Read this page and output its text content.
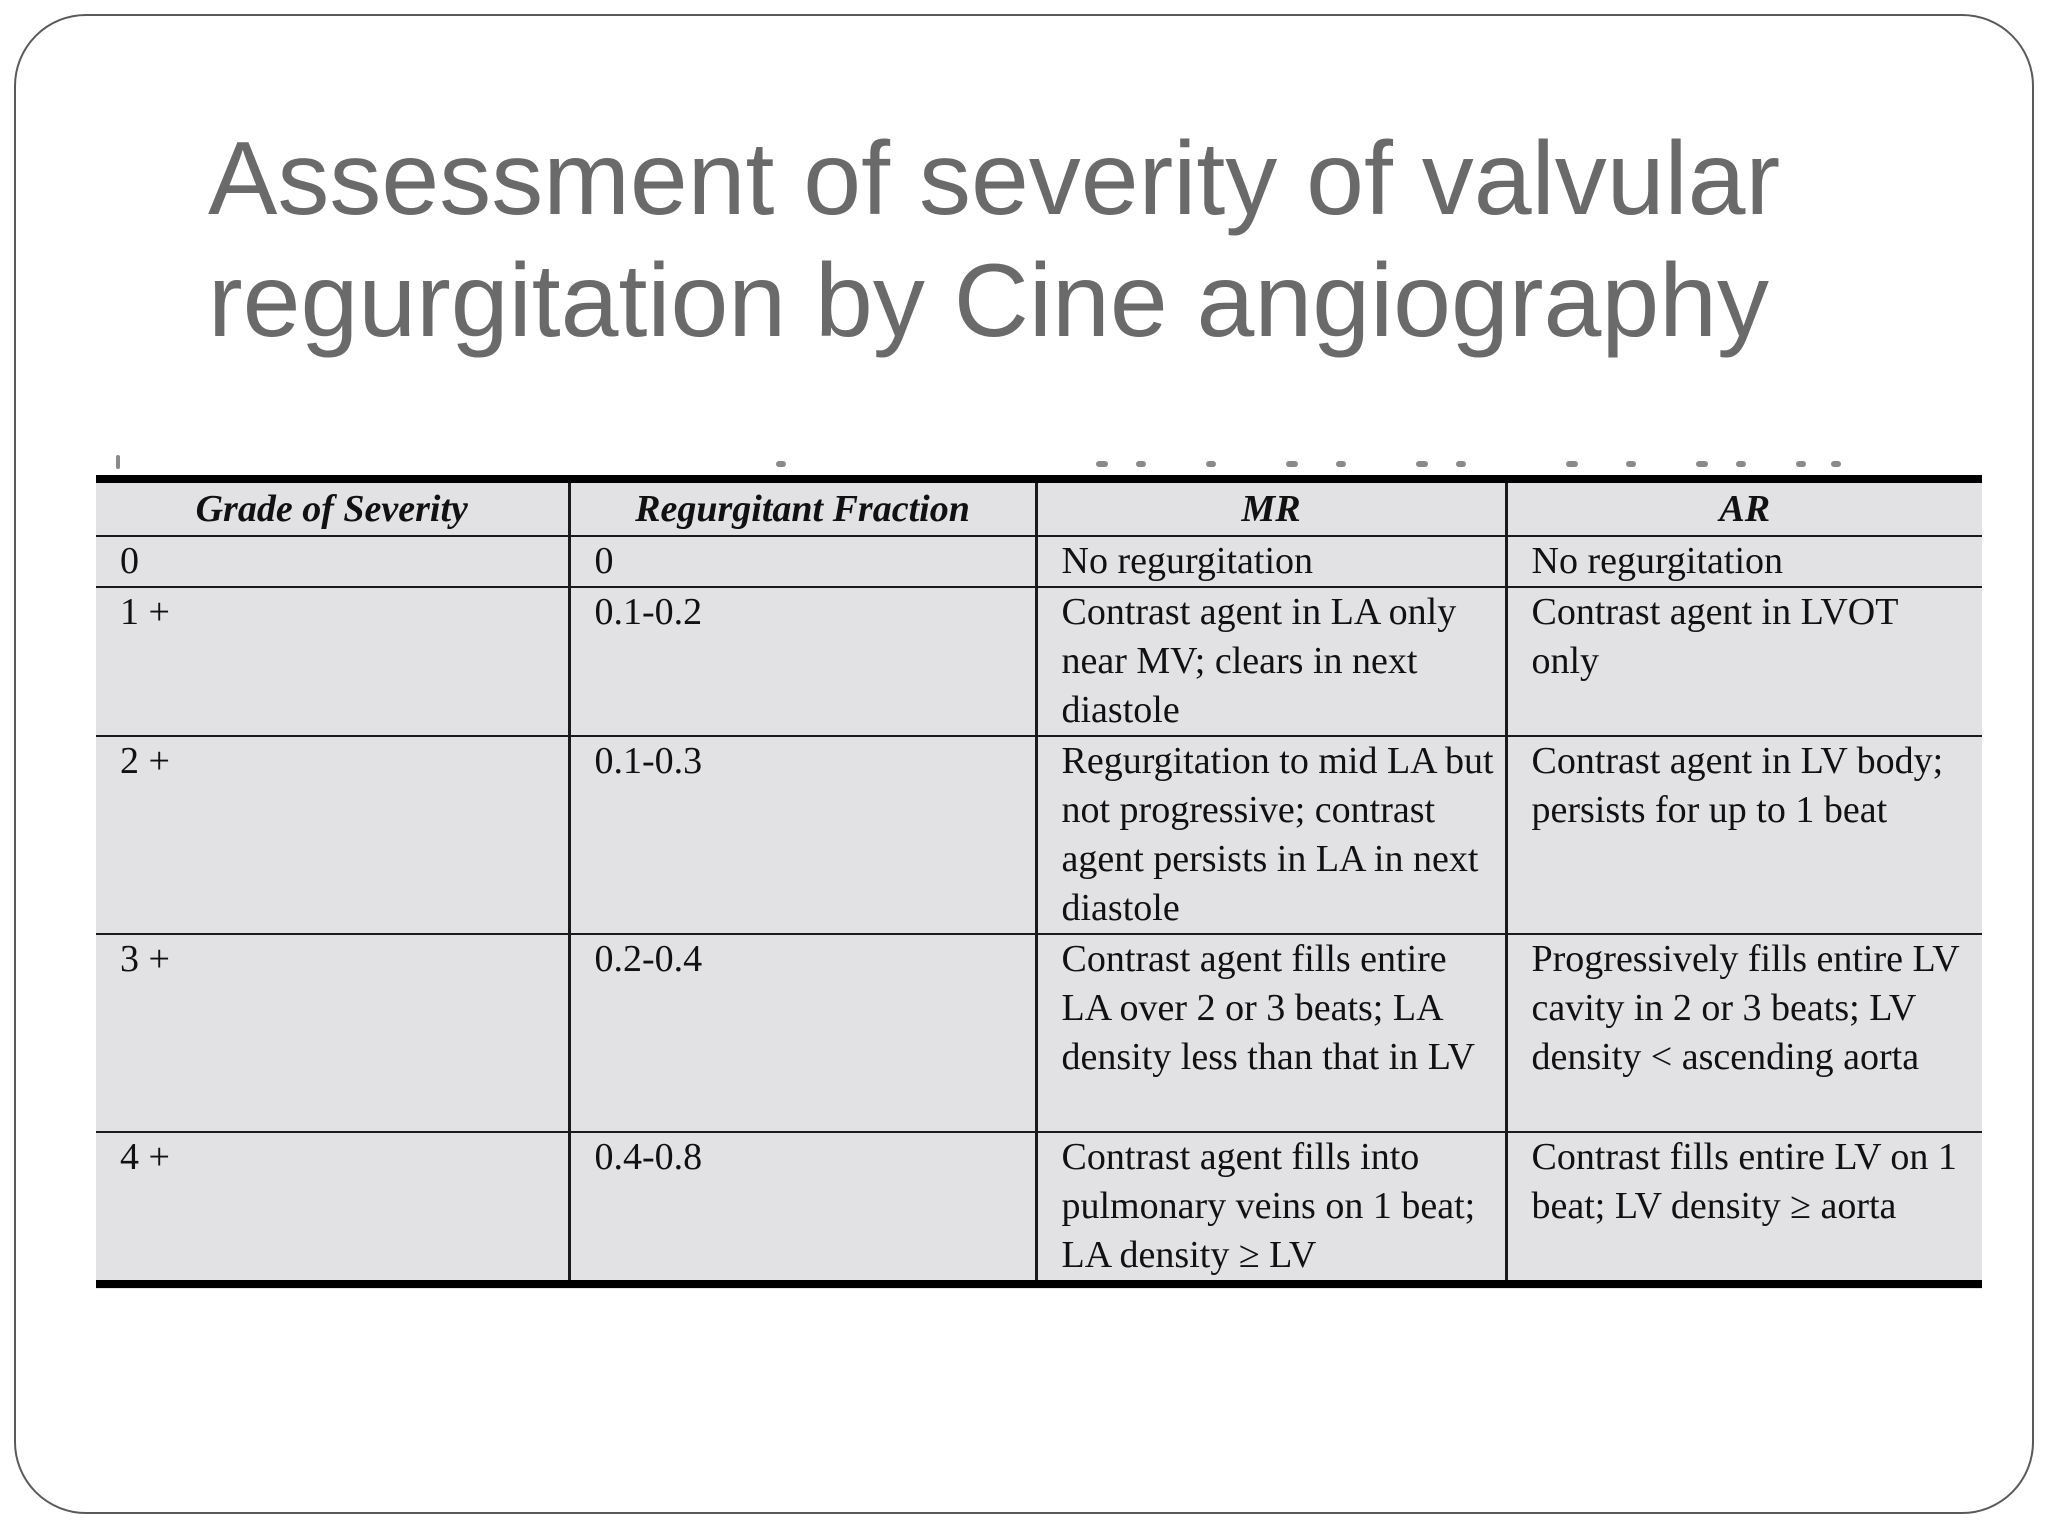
Assessment of severity of valvular
regurgitation by Cine angiography
Grade of Severity	Regurgitant Fraction	MR	AR
0	0	No regurgitation	No regurgitation
1 +	0.1-0.2	Contrast agent in LA only near MV; clears in next diastole	Contrast agent in LVOT only
2 +	0.1-0.3	Regurgitation to mid LA but not progressive; contrast agent persists in LA in next diastole	Contrast agent in LV body; persists for up to 1 beat
3 +	0.2-0.4	Contrast agent fills entire LA over 2 or 3 beats; LA density less than that in LV	Progressively fills entire LV cavity in 2 or 3 beats; LV density < ascending aorta
4 +	0.4-0.8	Contrast agent fills into pulmonary veins on 1 beat; LA density ≥ LV	Contrast fills entire LV on 1 beat; LV density ≥ aorta
